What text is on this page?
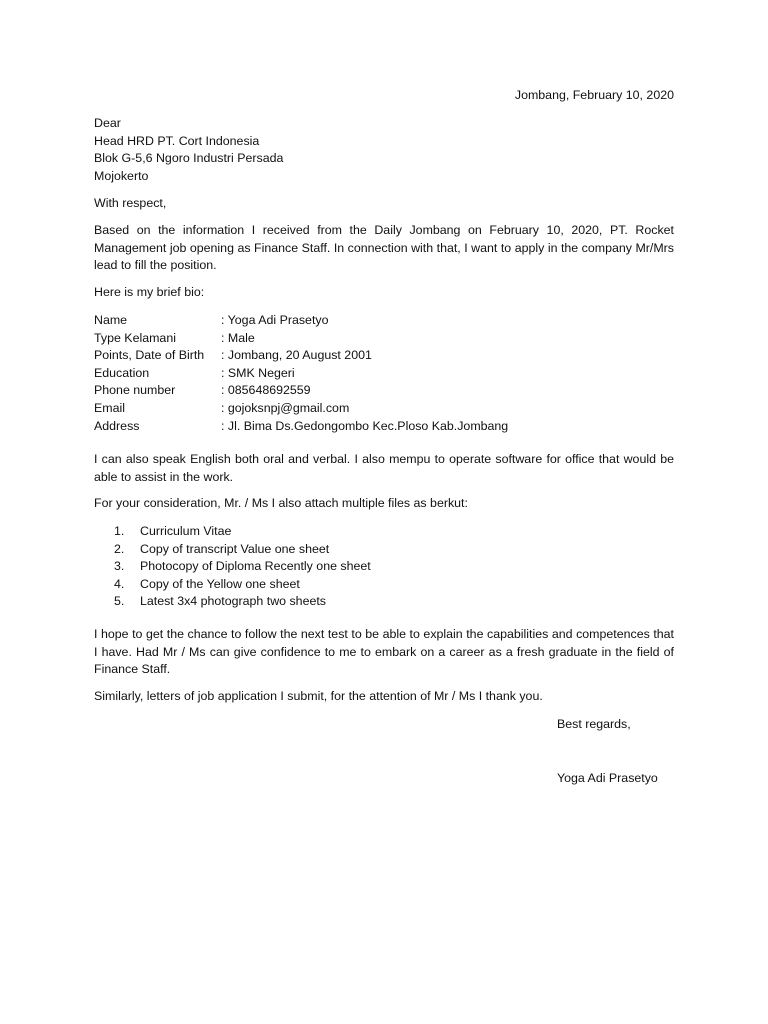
Jombang, February 10, 2020
Dear
Head HRD PT. Cort Indonesia
Blok G-5,6 Ngoro Industri Persada
Mojokerto
With respect,
Based on the information I received from the Daily Jombang on February 10, 2020, PT. Rocket Management job opening as Finance Staff. In connection with that, I want to apply in the company Mr/Mrs lead to fill the position.
Here is my brief bio:
Name	: Yoga Adi Prasetyo
Type Kelamani	: Male
Points, Date of Birth	: Jombang, 20 August 2001
Education	: SMK Negeri
Phone number	: 085648692559
Email	: gojoksnpj@gmail.com
Address	: Jl. Bima Ds.Gedongombo Kec.Ploso Kab.Jombang
I can also speak English both oral and verbal. I also mempu to operate software for office that would be able to assist in the work.
For your consideration, Mr. / Ms I also attach multiple files as berkut:
1.	Curriculum Vitae
2.	Copy of transcript Value one sheet
3.	Photocopy of Diploma Recently one sheet
4.	Copy of the Yellow one sheet
5.	Latest 3x4 photograph two sheets
I hope to get the chance to follow the next test to be able to explain the capabilities and competences that I have. Had Mr / Ms can give confidence to me to embark on a career as a fresh graduate in the field of Finance Staff.
Similarly, letters of job application I submit, for the attention of Mr / Ms I thank you.
Best regards,
Yoga Adi Prasetyo
